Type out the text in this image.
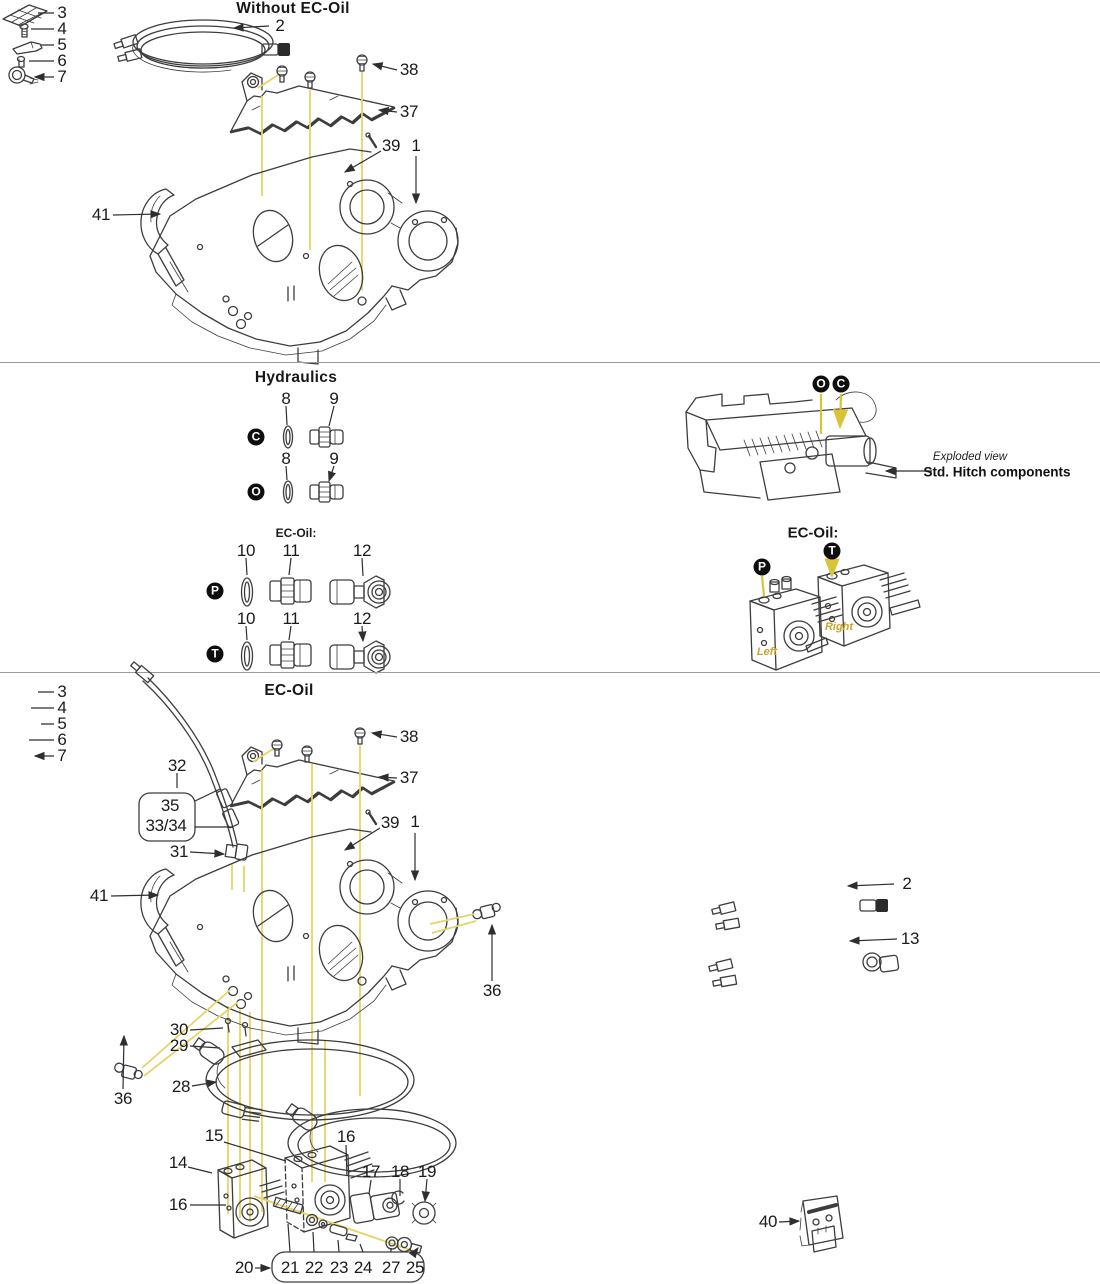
Without EC-Oil
Hydraulics
EC-Oil
3
4
5
6
7
2
38
37
39 1
41
8 9
8 9
10 11	12
10 11	12
3
4
5
6
7
32
35
33/34
31
38
37
39 1
41
36
36
30
29
28
15	16
14
16
17 18 19
20 21 22 23 24 27 25
2
13
40
C
O
P
T
O C
T
P
EC-Oil:	EC-Oil:
Exploded view
Std. Hitch components
Left
Right
